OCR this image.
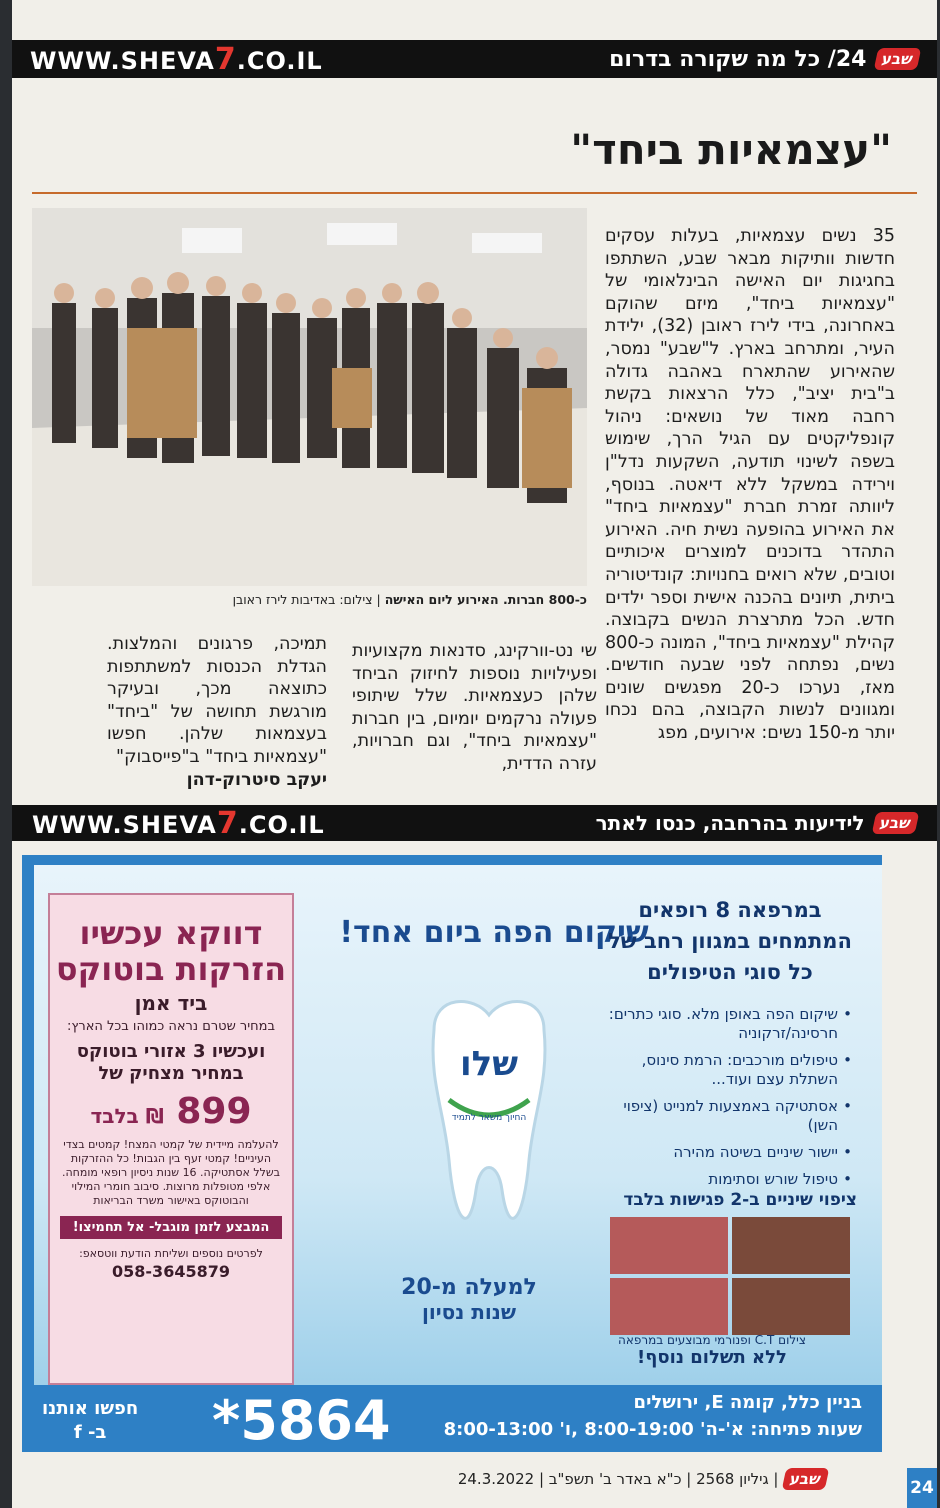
WWW.SHEVA7.CO.IL	שבע
24/ כל מה שקורה בדרום
"עצמאיות ביחד"
כ-800 חברות. האירוע ליום האישה | צילום: באדיבות לירז ראובן

35 נשים עצמאיות, בעלות עסקים חדשות וותיקות מבאר שבע, השתתפו בחגיגות יום האישה הבינלאומי של "עצמאיות ביחד", מיזם שהוקם באחרונה, בידי לירז ראובן (32), ילידת העיר, ומתרחב בארץ. ל"שבע" נמסר, שהאירוע שהתארח באהבה גדולה ב"בית יציב", כלל הרצאות בקשת רחבה מאוד של נושאים: ניהול קונפליקטים עם הגיל הרך, שימוש בשפה לשינוי תודעה, השקעות נדל"ן וירידה במשקל ללא דיאטה. בנוסף, ליוותה זמרת חברת "עצמאיות ביחד" את האירוע בהופעה נשית חיה. האירוע התהדר בדוכנים למוצרים איכותיים וטובים, שלא רואים בחנויות: קונדיטוריה ביתית, תיונים בהכנה אישית וספר ילדים חדש. הכל מתרצרת הנשים בקבוצה. קהילת "עצמאיות ביחד", המונה כ-800 נשים, נפתחה לפני שבעה חודשים. מאז, נערכו כ-20 מפגשים שונים ומגוונים לנשות הקבוצה, בהם נכחו יותר מ-150 נשים: אירועים, מפג

שי נט-וורקינג, סדנאות מקצועיות ופעילויות נוספות לחיזוק הביחד שלהן כעצמאיות. שלל שיתופי פעולה נרקמים יומיום, בין חברות "עצמאיות ביחד", וגם חברויות, עזרה הדדית,

תמיכה, פרגונים והמלצות. הגדלת הכנסות למשתתפות כתוצאה מכך, ובעיקר מורגשת תחושה של "ביחד" בעצמאות שלהן. חפשו "עצמאיות ביחד" ב"פייסבוק"
יעקב סיטרוק-דהן
WWW.SHEVA7.CO.IL	שבע
לידיעות בהרחבה, כנסו לאתר
דווקא עכשיו הזרקות בוטוקס
ביד אמן
במחיר שטרם נראה כמוהו בכל הארץ:
ועכשיו 3 אזורי בוטוקס במחיר מצחיק של
899 ₪ בלבד
להעלמה מיידית של קמטי המצח! קמטים בצדי העיניים! קמטי זעף בין הגבות! כל ההזרקות בשלל אסתטיקה. 16 שנות ניסיון רופאי מומחה. אלפי מטופלות מרוצות. סיבוב חומרי המילוי והבוטוקס באישור משרד הבריאות
המבצע לזמן מוגבל- אל תחמיצו!
לפרטים נוספים ושליחת הודעת ווטסאפ:
058-3645879
שיקום הפה ביום אחד!
שלו
החיוך משאר לתמיד
למעלה מ-20
שנות נסיון
במרפאה 8 רופאים המתמחים במגוון רחב של כל סוגי הטיפולים
• שיקום הפה באופן מלא. סוגי כתרים: חרסינה/זרקוניה
• טיפולים מורכבים: הרמת סינוס, השתלת עצם ועוד...
• אסתטיקה באמצעות למנייט (ציפוי השן)
• יישור שיניים בשיטה מהירה
• טיפול שורש וסתימות
ציפוי שיניים ב-2 פגישות בלבד
צילום C.T ופנורמי מבוצעים במרפאה
ללא תשלום נוסף!
בניין כלל, קומה E, ירושלים
שעות פתיחה: א'-ה' 8:00-19:00 ,ו' 8:00-13:00
*5864
חפשו אותנו
ב- f
שבע
| גיליון 2568 | כ"א באדר ב' תשפ"ב | 24.3.2022	24
